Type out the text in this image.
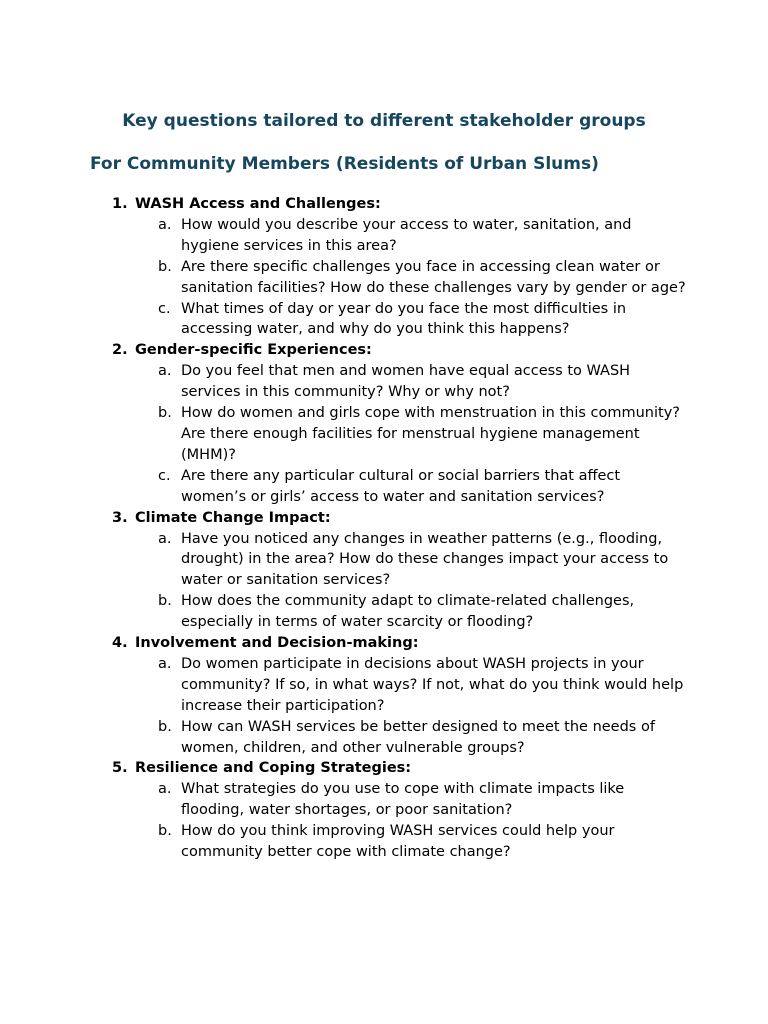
Key questions tailored to different stakeholder groups
For Community Members (Residents of Urban Slums)
1. WASH Access and Challenges:
a. How would you describe your access to water, sanitation, and hygiene services in this area?
b. Are there specific challenges you face in accessing clean water or sanitation facilities? How do these challenges vary by gender or age?
c. What times of day or year do you face the most difficulties in accessing water, and why do you think this happens?
2. Gender-specific Experiences:
a. Do you feel that men and women have equal access to WASH services in this community? Why or why not?
b. How do women and girls cope with menstruation in this community? Are there enough facilities for menstrual hygiene management (MHM)?
c. Are there any particular cultural or social barriers that affect women’s or girls’ access to water and sanitation services?
3. Climate Change Impact:
a. Have you noticed any changes in weather patterns (e.g., flooding, drought) in the area? How do these changes impact your access to water or sanitation services?
b. How does the community adapt to climate-related challenges, especially in terms of water scarcity or flooding?
4. Involvement and Decision-making:
a. Do women participate in decisions about WASH projects in your community? If so, in what ways? If not, what do you think would help increase their participation?
b. How can WASH services be better designed to meet the needs of women, children, and other vulnerable groups?
5. Resilience and Coping Strategies:
a. What strategies do you use to cope with climate impacts like flooding, water shortages, or poor sanitation?
b. How do you think improving WASH services could help your community better cope with climate change?
